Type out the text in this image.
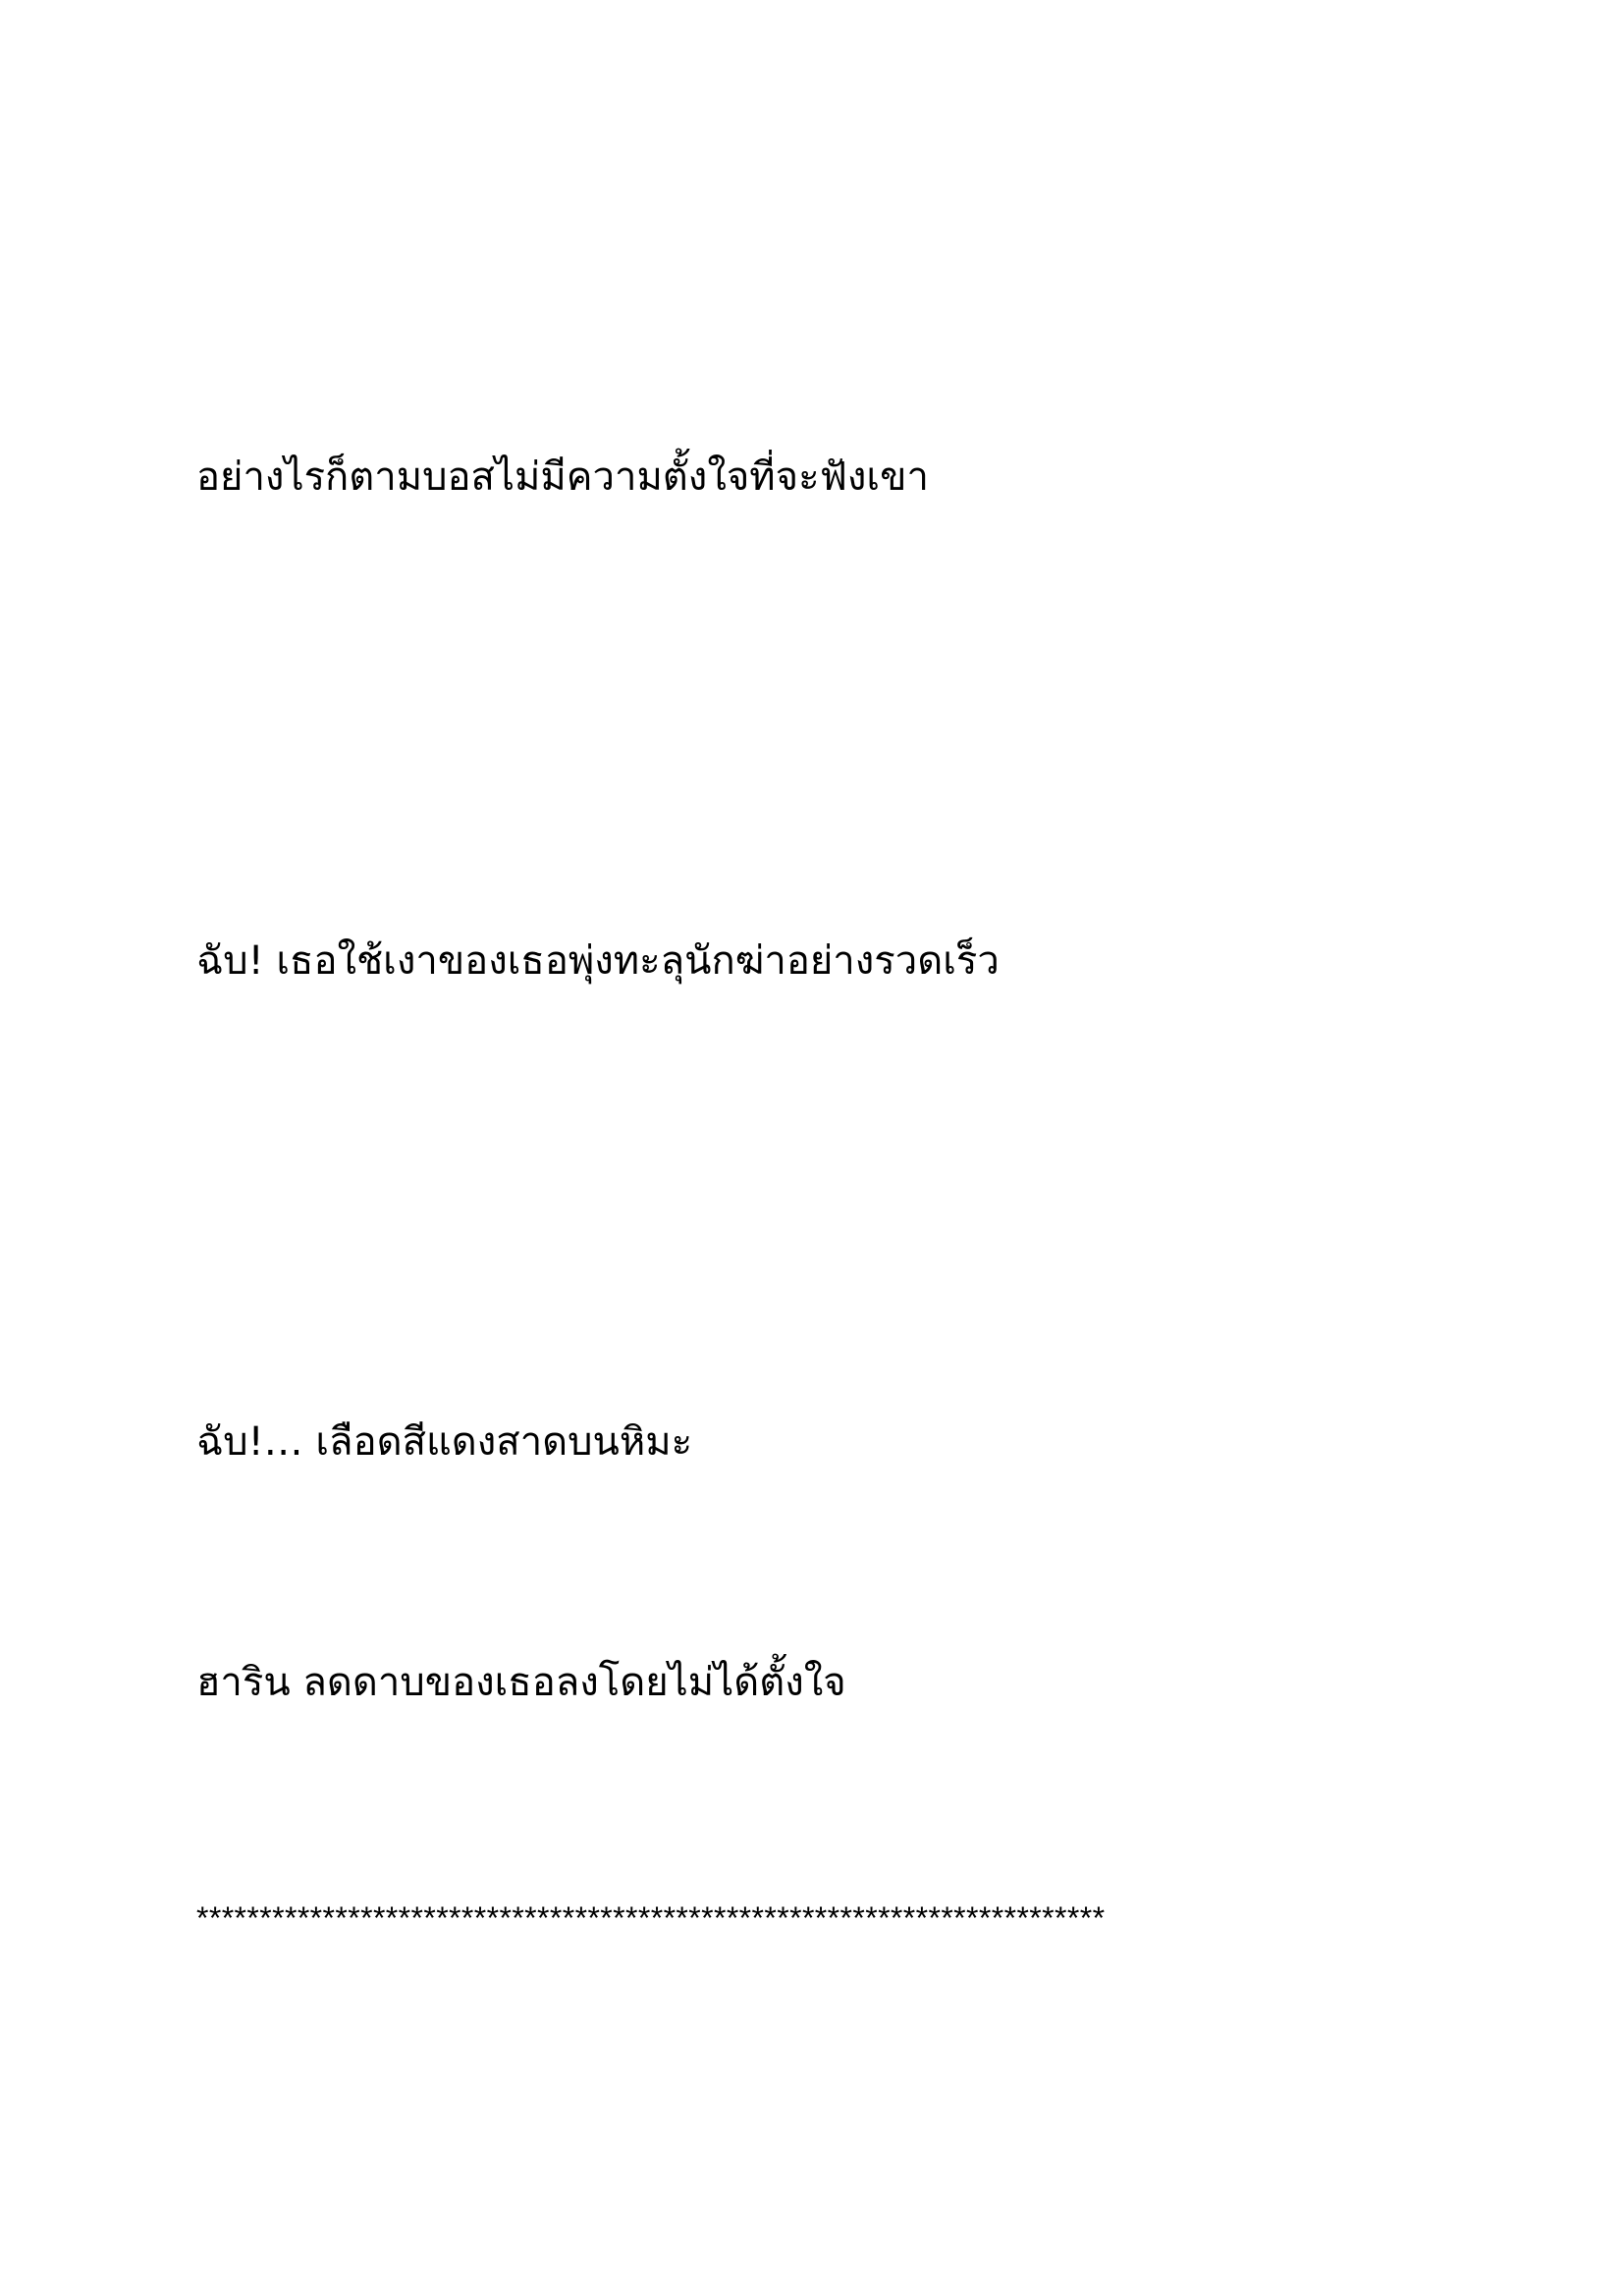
อย่างไรก็ตามบอสไม่มีความตั้งใจที่จะฟังเขา

ฉับ! เธอใช้เงาของเธอพุ่งทะลุนักฆ่าอย่างรวดเร็ว

ฉับ!… เลือดสีแดงสาดบนหิมะ

ฮาริน ลดดาบของเธอลงโดยไม่ได้ตั้งใจ

************************************************************************
